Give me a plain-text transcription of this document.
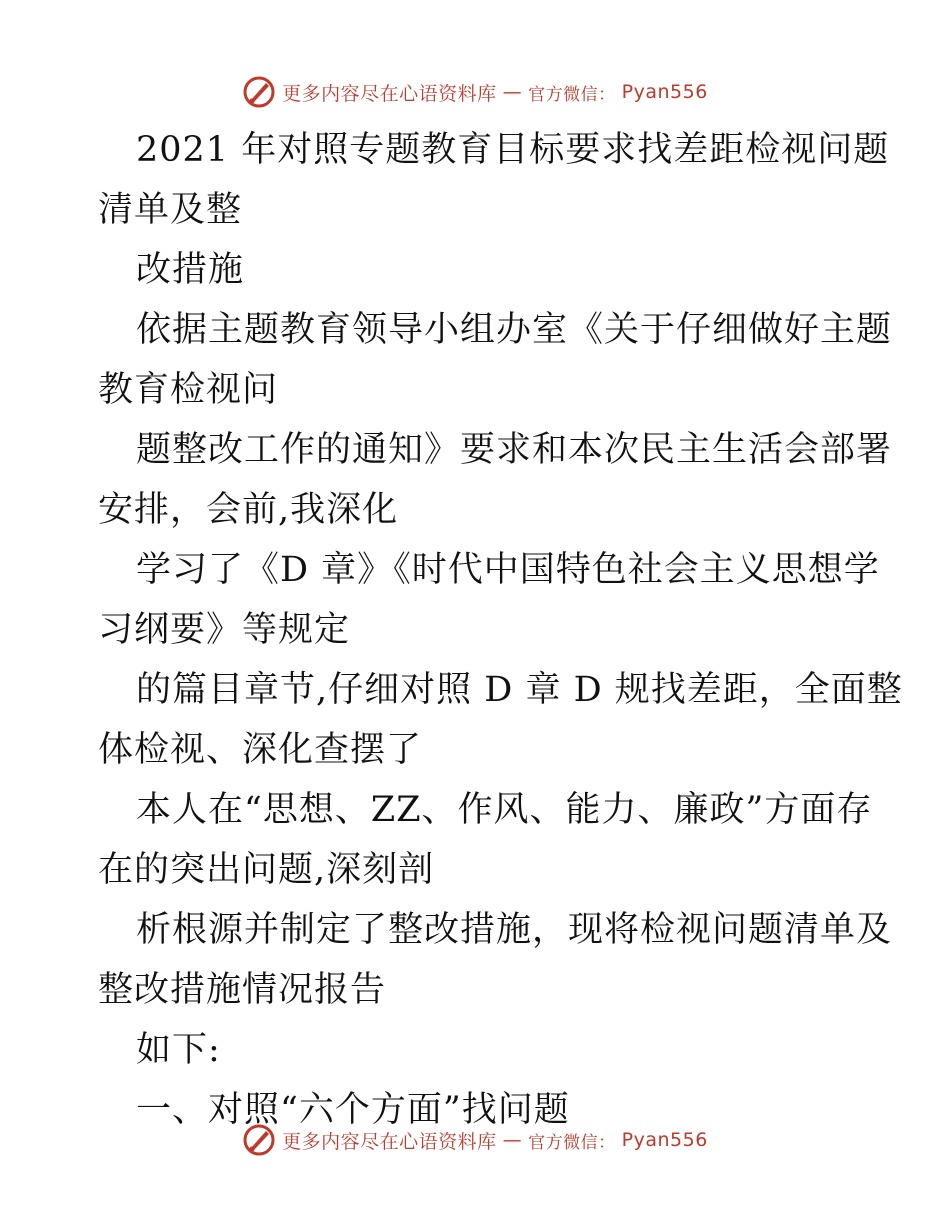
更多内容尽在心语资料库 — 官方微信： Pyan556
2021 年对照专题教育目标要求找差距检视问题
清单及整
改措施
依据主题教育领导小组办室《关于仔细做好主题
教育检视问
题整改工作的通知》要求和本次民主生活会部署
安排，会前,我深化
学习了《D 章》《时代中国特色社会主义思想学
习纲要》等规定
的篇目章节,仔细对照 D 章 D 规找差距，全面整
体检视、深化查摆了
本人在“思想、ZZ、作风、能力、廉政”方面存
在的突出问题,深刻剖
析根源并制定了整改措施，现将检视问题清单及
整改措施情况报告
如下:
一、对照“六个方面”找问题
更多内容尽在心语资料库 — 官方微信： Pyan556
